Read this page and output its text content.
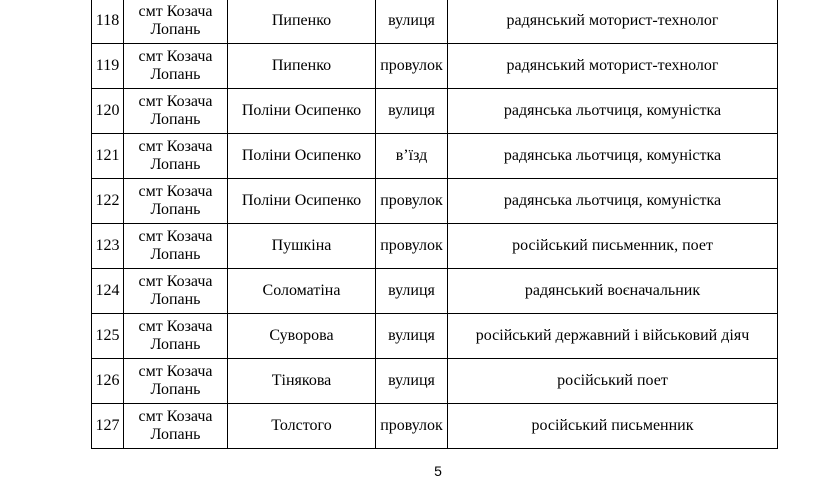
118	смт Козача Лопань	Пипенко	вулиця	радянський моторист-технолог
119	смт Козача Лопань	Пипенко	провулок	радянський моторист-технолог
120	смт Козача Лопань	Поліни Осипенко	вулиця	радянська льотчиця, комуністка
121	смт Козача Лопань	Поліни Осипенко	в’їзд	радянська льотчиця, комуністка
122	смт Козача Лопань	Поліни Осипенко	провулок	радянська льотчиця, комуністка
123	смт Козача Лопань	Пушкіна	провулок	російський письменник, поет
124	смт Козача Лопань	Соломатіна	вулиця	радянський воєначальник
125	смт Козача Лопань	Суворова	вулиця	російський державний і військовий діяч
126	смт Козача Лопань	Тінякова	вулиця	російський поет
127	смт Козача Лопань	Толстого	провулок	російський письменник
5
